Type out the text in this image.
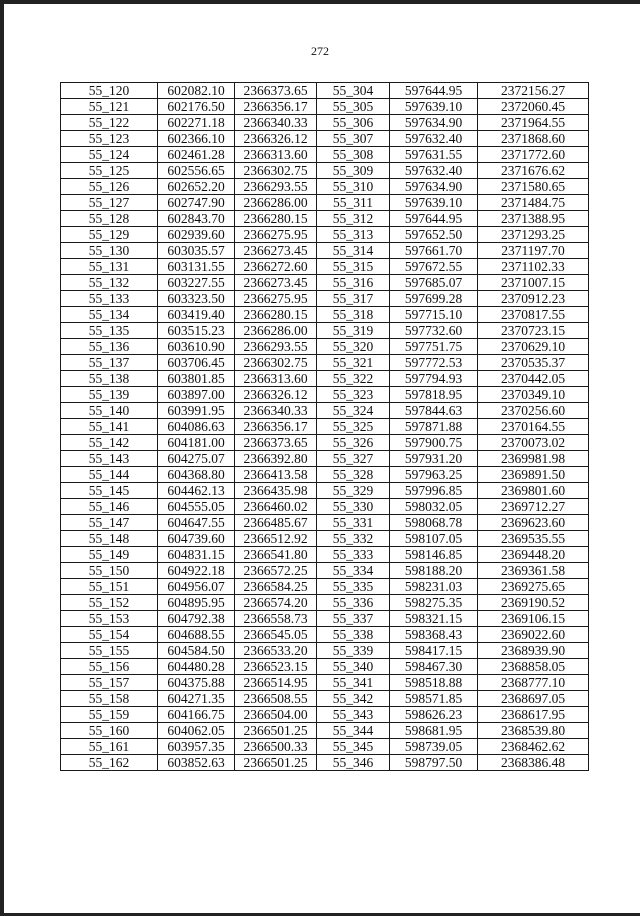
272
55_120	602082.10	2366373.65	55_304	597644.95	2372156.27
55_121	602176.50	2366356.17	55_305	597639.10	2372060.45
55_122	602271.18	2366340.33	55_306	597634.90	2371964.55
55_123	602366.10	2366326.12	55_307	597632.40	2371868.60
55_124	602461.28	2366313.60	55_308	597631.55	2371772.60
55_125	602556.65	2366302.75	55_309	597632.40	2371676.62
55_126	602652.20	2366293.55	55_310	597634.90	2371580.65
55_127	602747.90	2366286.00	55_311	597639.10	2371484.75
55_128	602843.70	2366280.15	55_312	597644.95	2371388.95
55_129	602939.60	2366275.95	55_313	597652.50	2371293.25
55_130	603035.57	2366273.45	55_314	597661.70	2371197.70
55_131	603131.55	2366272.60	55_315	597672.55	2371102.33
55_132	603227.55	2366273.45	55_316	597685.07	2371007.15
55_133	603323.50	2366275.95	55_317	597699.28	2370912.23
55_134	603419.40	2366280.15	55_318	597715.10	2370817.55
55_135	603515.23	2366286.00	55_319	597732.60	2370723.15
55_136	603610.90	2366293.55	55_320	597751.75	2370629.10
55_137	603706.45	2366302.75	55_321	597772.53	2370535.37
55_138	603801.85	2366313.60	55_322	597794.93	2370442.05
55_139	603897.00	2366326.12	55_323	597818.95	2370349.10
55_140	603991.95	2366340.33	55_324	597844.63	2370256.60
55_141	604086.63	2366356.17	55_325	597871.88	2370164.55
55_142	604181.00	2366373.65	55_326	597900.75	2370073.02
55_143	604275.07	2366392.80	55_327	597931.20	2369981.98
55_144	604368.80	2366413.58	55_328	597963.25	2369891.50
55_145	604462.13	2366435.98	55_329	597996.85	2369801.60
55_146	604555.05	2366460.02	55_330	598032.05	2369712.27
55_147	604647.55	2366485.67	55_331	598068.78	2369623.60
55_148	604739.60	2366512.92	55_332	598107.05	2369535.55
55_149	604831.15	2366541.80	55_333	598146.85	2369448.20
55_150	604922.18	2366572.25	55_334	598188.20	2369361.58
55_151	604956.07	2366584.25	55_335	598231.03	2369275.65
55_152	604895.95	2366574.20	55_336	598275.35	2369190.52
55_153	604792.38	2366558.73	55_337	598321.15	2369106.15
55_154	604688.55	2366545.05	55_338	598368.43	2369022.60
55_155	604584.50	2366533.20	55_339	598417.15	2368939.90
55_156	604480.28	2366523.15	55_340	598467.30	2368858.05
55_157	604375.88	2366514.95	55_341	598518.88	2368777.10
55_158	604271.35	2366508.55	55_342	598571.85	2368697.05
55_159	604166.75	2366504.00	55_343	598626.23	2368617.95
55_160	604062.05	2366501.25	55_344	598681.95	2368539.80
55_161	603957.35	2366500.33	55_345	598739.05	2368462.62
55_162	603852.63	2366501.25	55_346	598797.50	2368386.48
